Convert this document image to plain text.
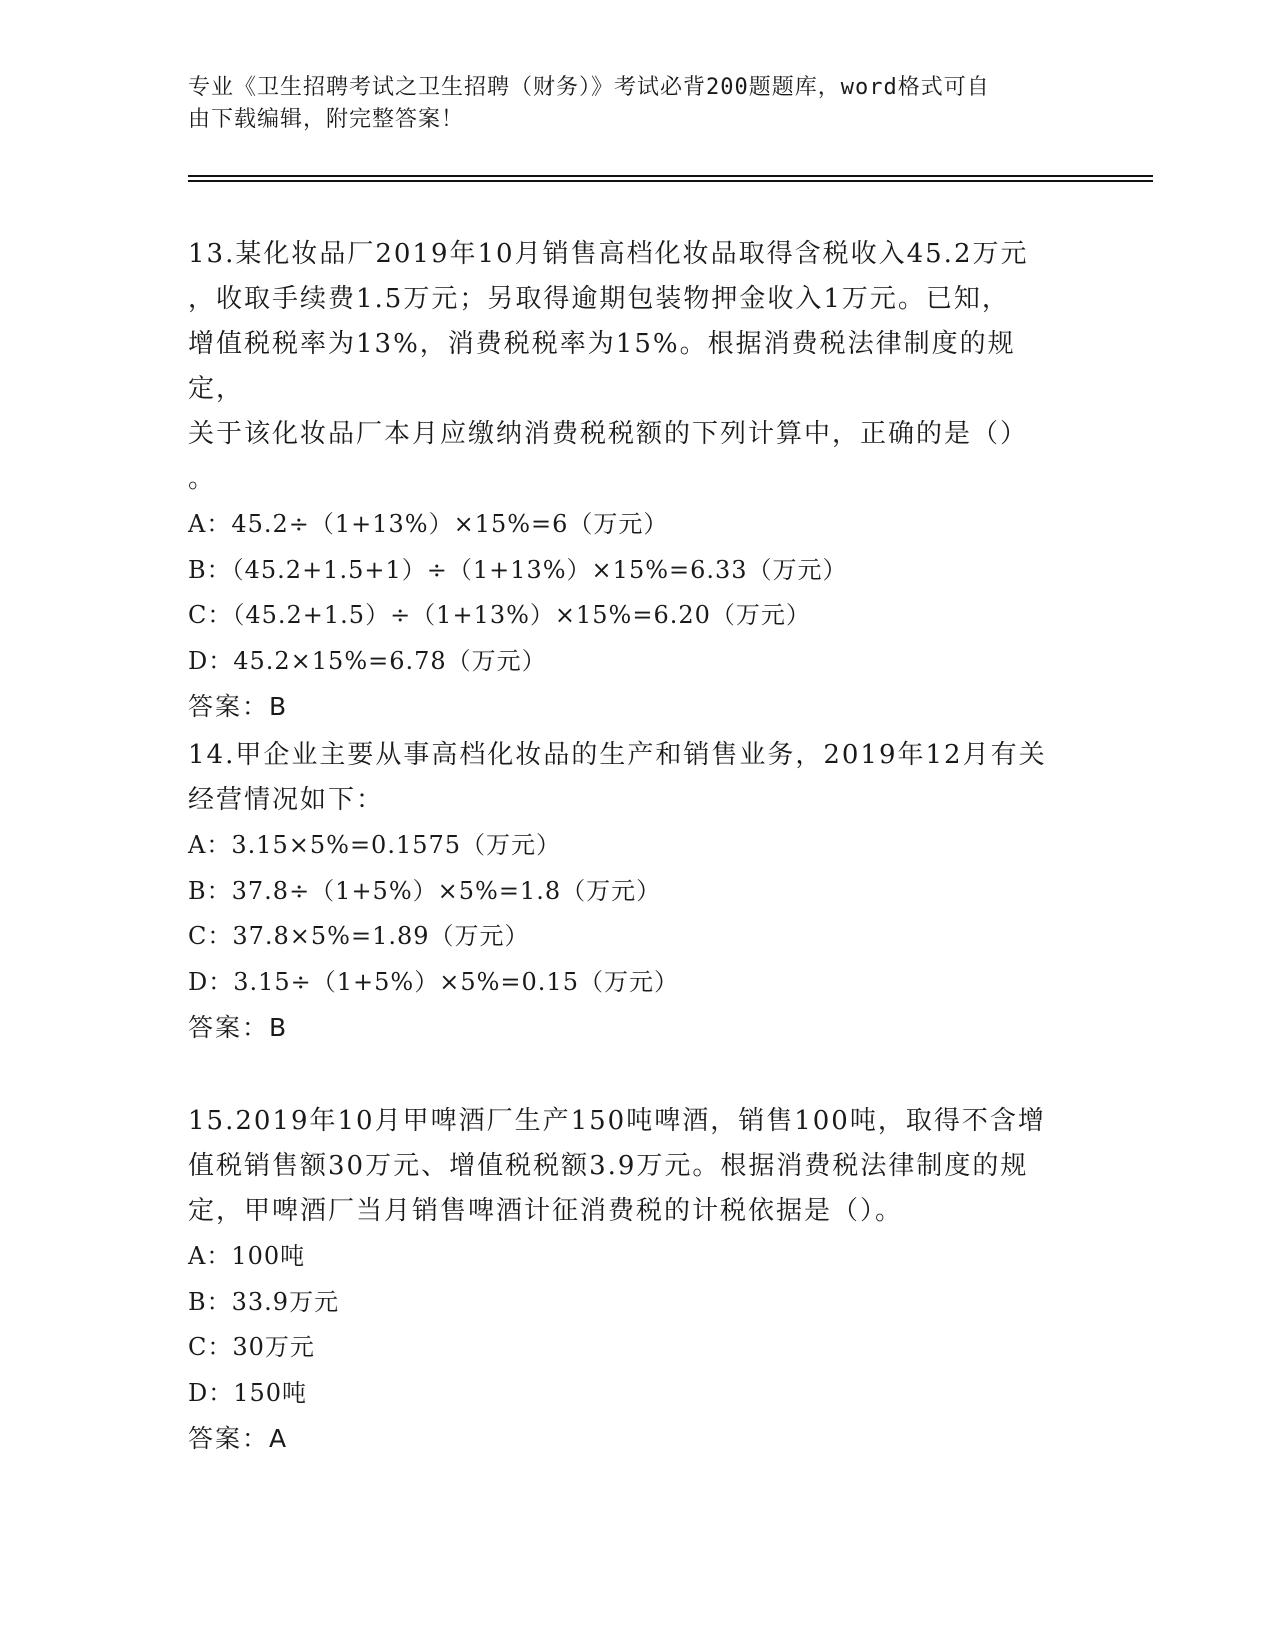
专业《卫生招聘考试之卫生招聘（财务）》考试必背200题题库，word格式可自
由下载编辑，附完整答案！

13.某化妆品厂2019年10月销售高档化妆品取得含税收入45.2万元

，收取手续费1.5万元；另取得逾期包装物押金收入1万元。已知，

增值税税率为13%，消费税税率为15%。根据消费税法律制度的规定，

关于该化妆品厂本月应缴纳消费税税额的下列计算中，正确的是（）

。

A：45.2÷（1+13%）×15%=6（万元）

B：（45.2+1.5+1）÷（1+13%）×15%=6.33（万元）

C：（45.2+1.5）÷（1+13%）×15%=6.20（万元）

D：45.2×15%=6.78（万元）

答案：B

14.甲企业主要从事高档化妆品的生产和销售业务，2019年12月有关

经营情况如下：

A：3.15×5%=0.1575（万元）

B：37.8÷（1+5%）×5%=1.8（万元）

C：37.8×5%=1.89（万元）

D：3.15÷（1+5%）×5%=0.15（万元）

答案：B

15.2019年10月甲啤酒厂生产150吨啤酒，销售100吨，取得不含增

值税销售额30万元、增值税税额3.9万元。根据消费税法律制度的规

定，甲啤酒厂当月销售啤酒计征消费税的计税依据是（）。

A：100吨

B：33.9万元

C：30万元

D：150吨

答案：A
